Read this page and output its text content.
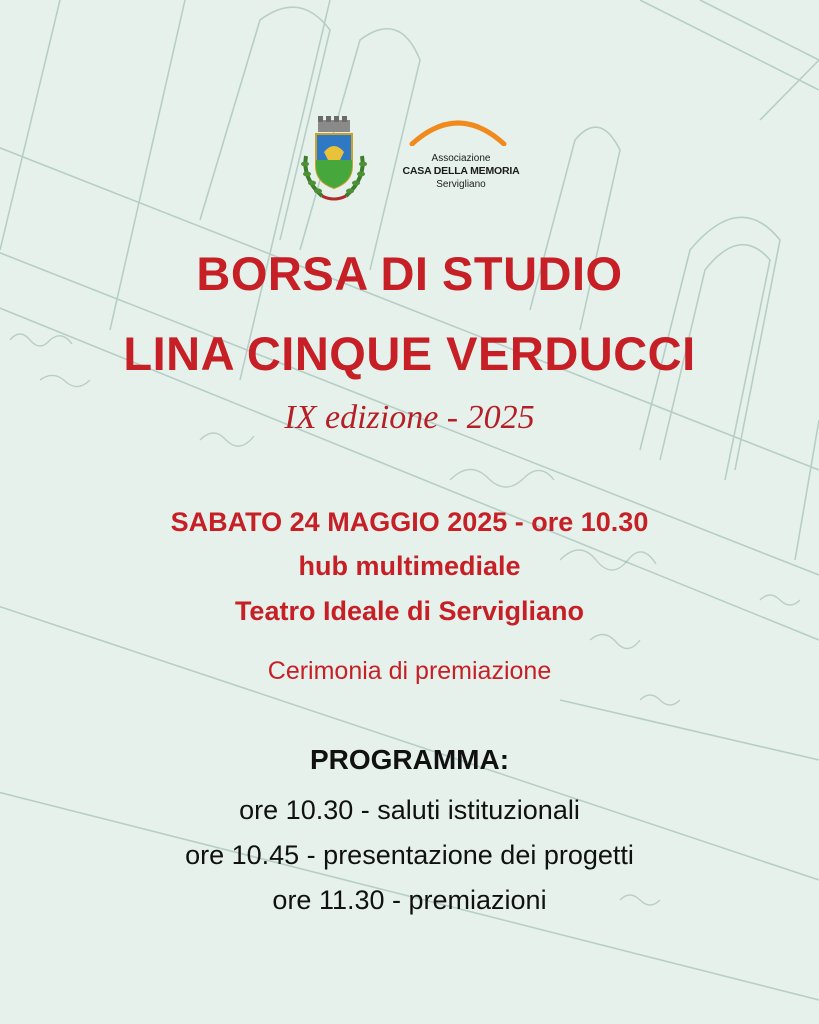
Associazione
CASA DELLA MEMORIA
Servigliano
BORSA DI STUDIO
LINA CINQUE VERDUCCI
IX edizione - 2025
SABATO 24 MAGGIO 2025 - ore 10.30
hub multimediale
Teatro Ideale di Servigliano
Cerimonia di premiazione
PROGRAMMA:
ore 10.30 - saluti istituzionali
ore 10.45 - presentazione dei progetti
ore 11.30 - premiazioni
